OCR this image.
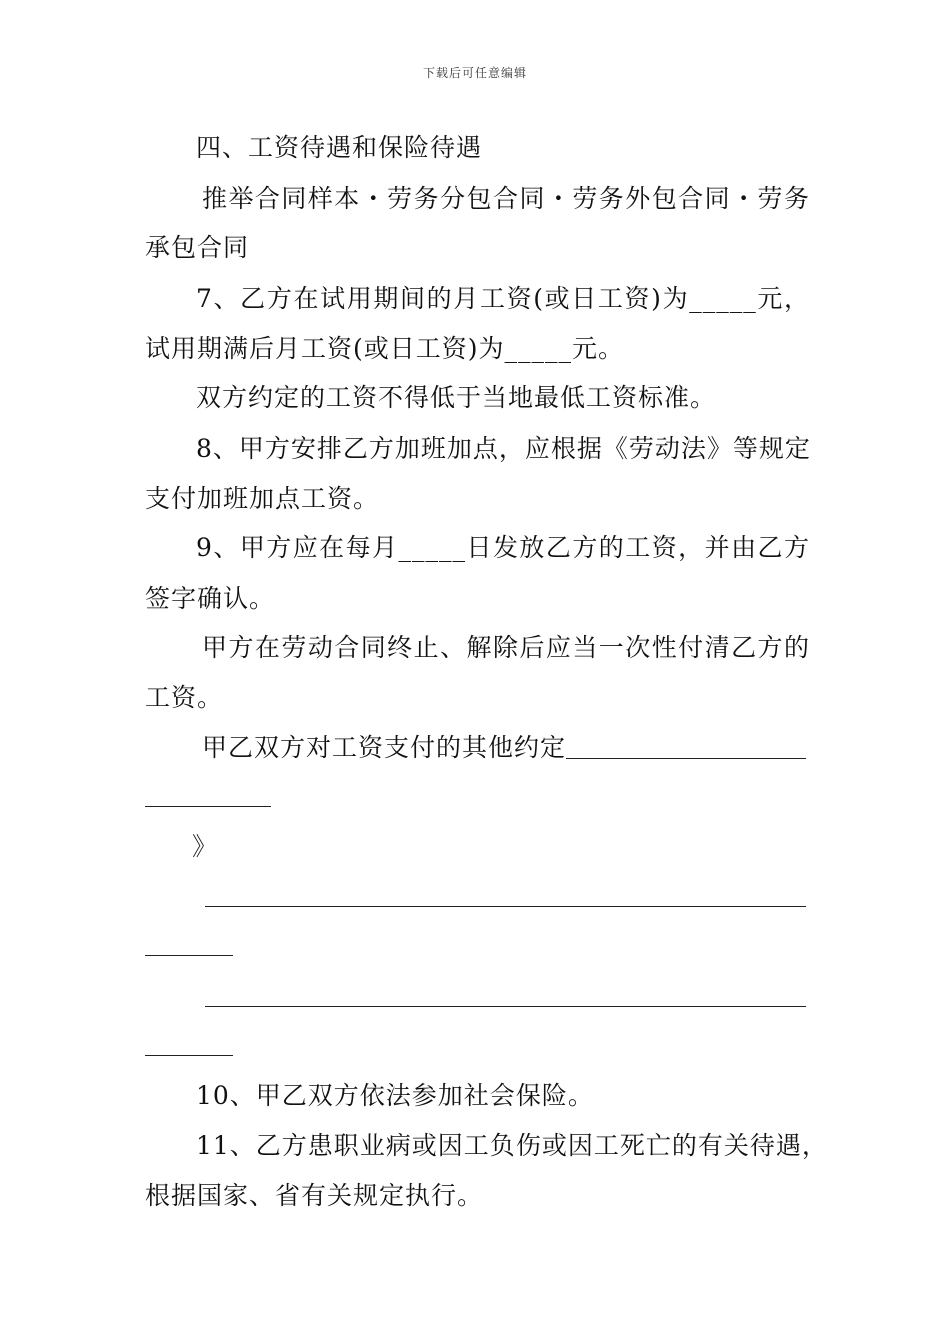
下载后可任意编辑
四、工资待遇和保险待遇
推举合同样本・劳务分包合同・劳务外包合同・劳务
承包合同
7、乙方在试用期间的月工资(或日工资)为_____元，
试用期满后月工资(或日工资)为_____元。
双方约定的工资不得低于当地最低工资标准。
8、甲方安排乙方加班加点，应根据《劳动法》等规定
支付加班加点工资。
9、甲方应在每月_____日发放乙方的工资，并由乙方
签字确认。
甲方在劳动合同终止、解除后应当一次性付清乙方的
工资。
甲乙双方对工资支付的其他约定
》
10、甲乙双方依法参加社会保险。
11、乙方患职业病或因工负伤或因工死亡的有关待遇，
根据国家、省有关规定执行。
